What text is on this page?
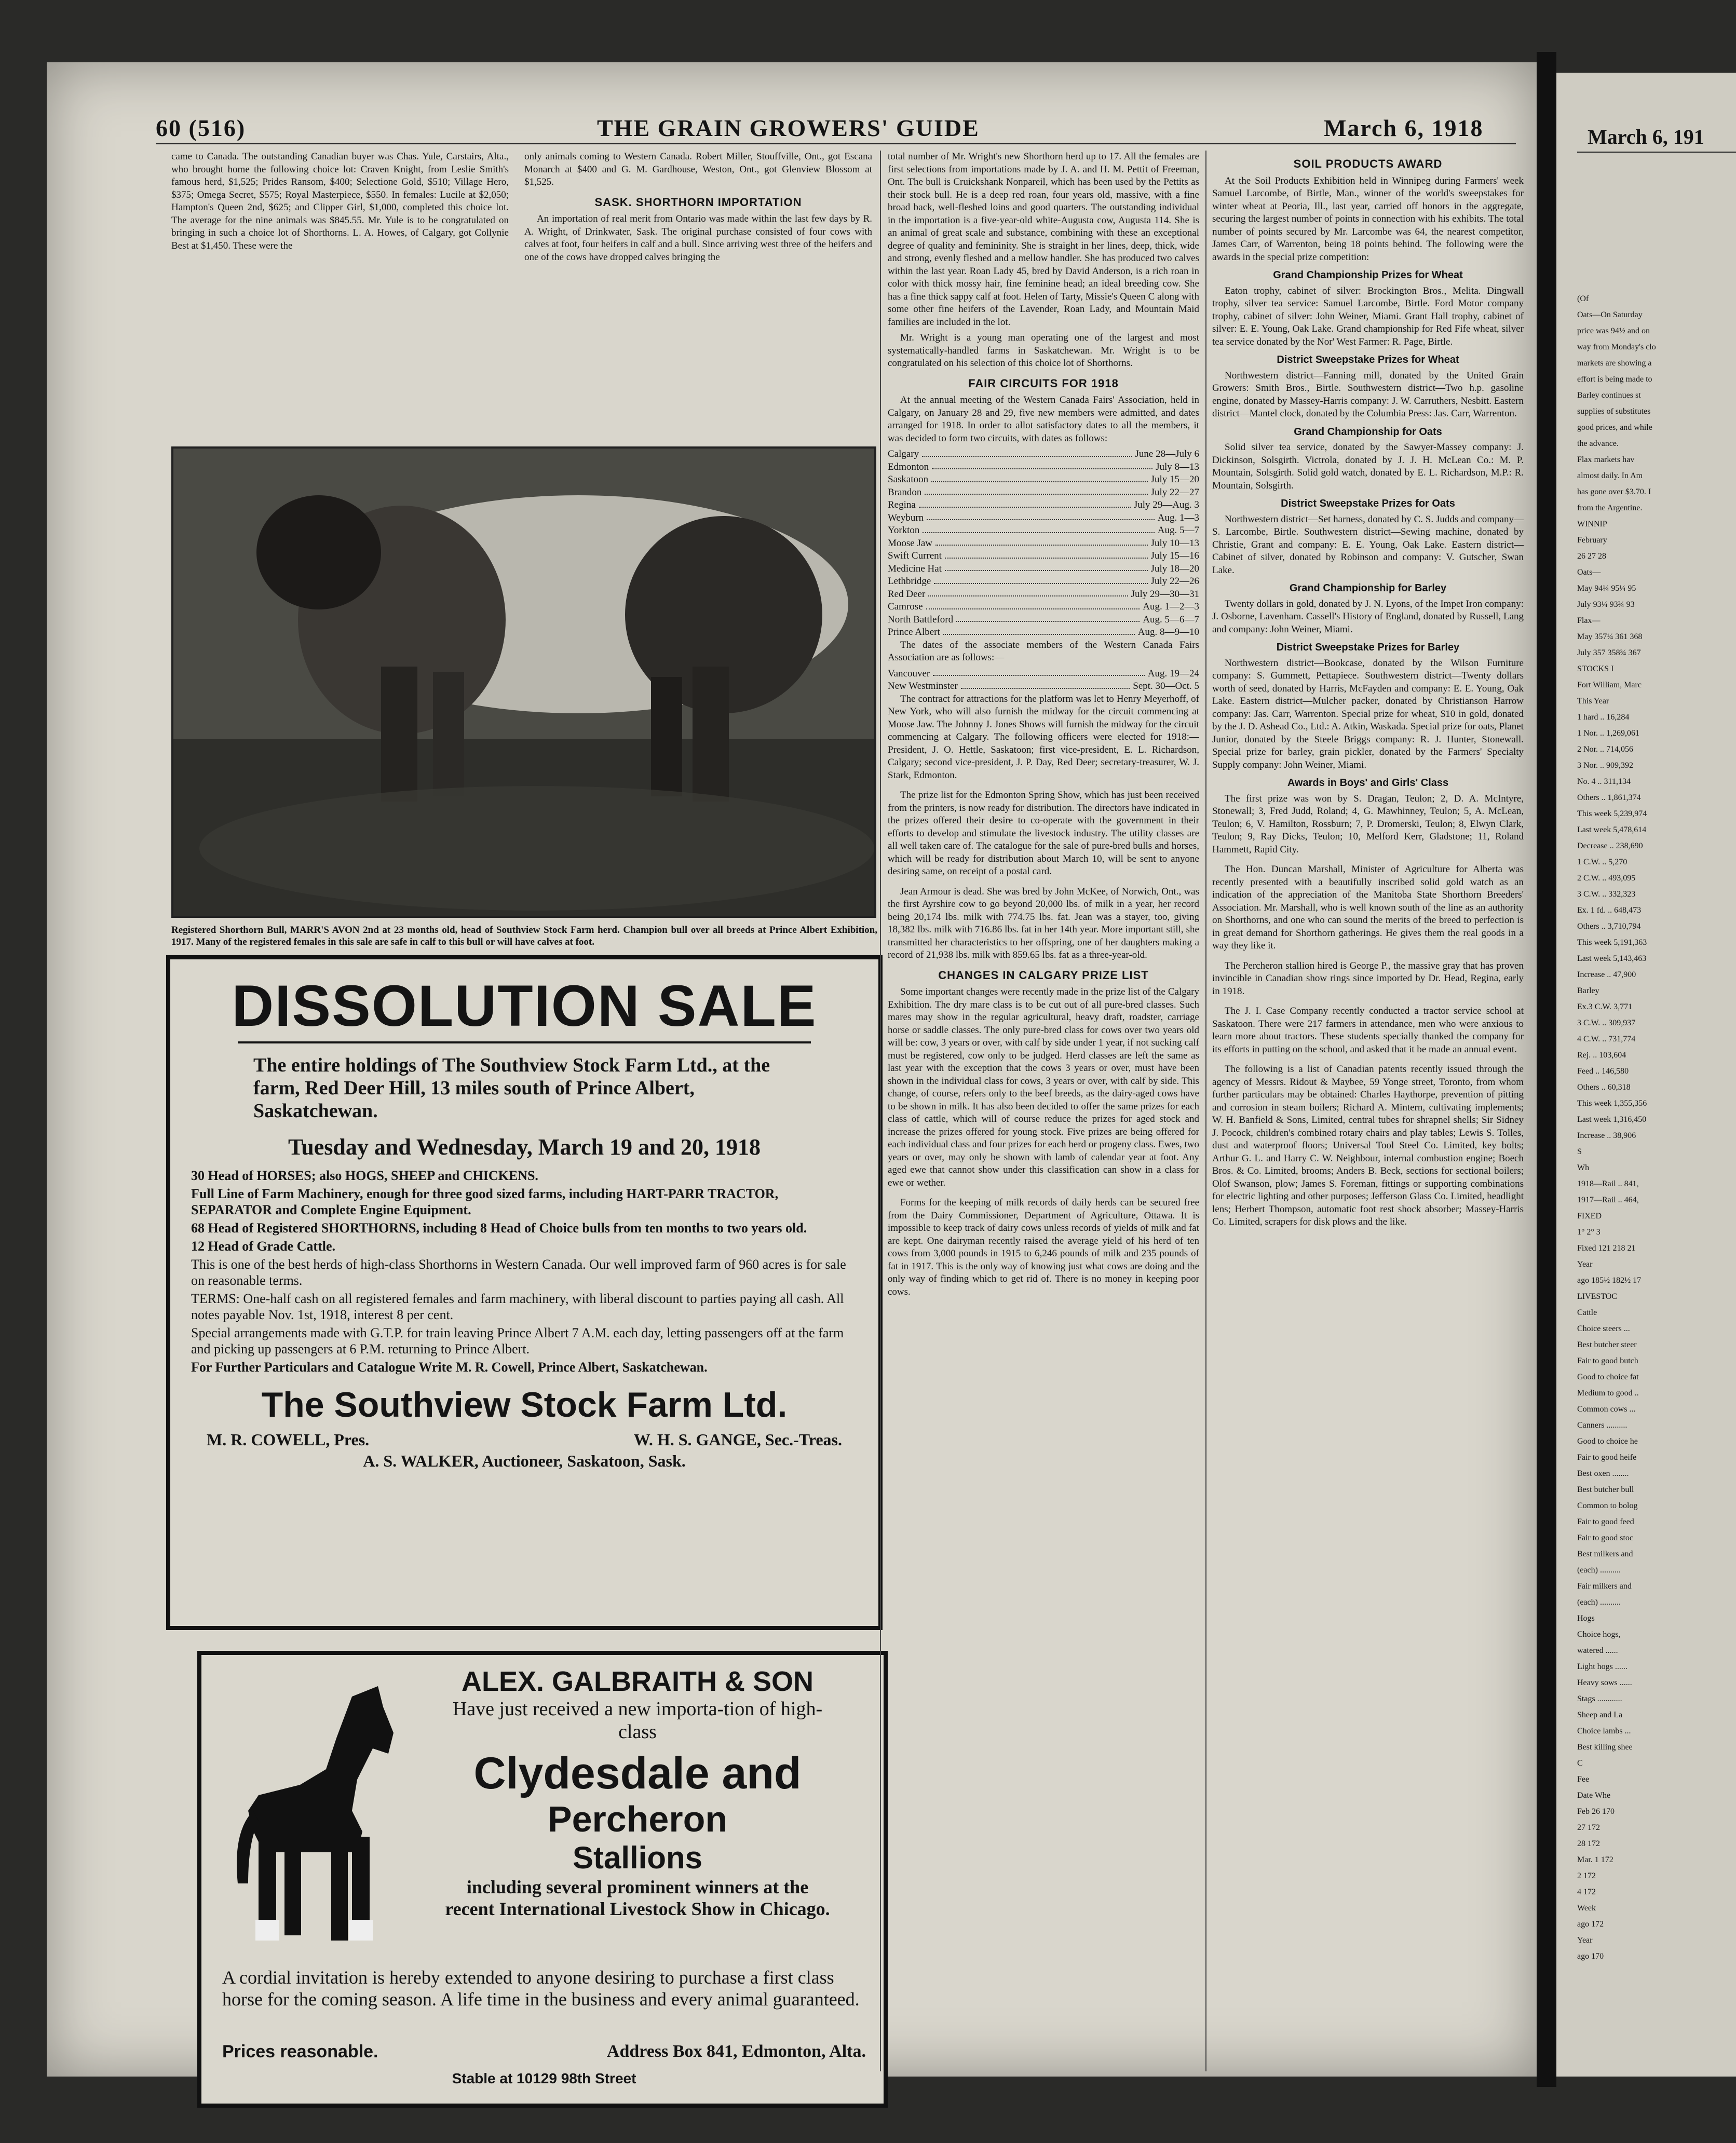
60 (516)	THE GRAIN GROWERS' GUIDE	March 6, 1918

came to Canada. The outstanding Canadian buyer was Chas. Yule, Carstairs, Alta., who brought home the following choice lot: Craven Knight, from Leslie Smith's famous herd, $1,525; Prides Ransom, $400; Selectione Gold, $510; Village Hero, $375; Omega Secret, $575; Royal Masterpiece, $550. In females: Lucile at $2,050; Hampton's Queen 2nd, $625; and Clipper Girl, $1,000, completed this choice lot. The average for the nine animals was $845.55. Mr. Yule is to be congratulated on bringing in such a choice lot of Shorthorns. L. A. Howes, of Calgary, got Collynie Best at $1,450. These were the

only animals coming to Western Canada. Robert Miller, Stouffville, Ont., got Escana Monarch at $400 and G. M. Gardhouse, Weston, Ont., got Glenview Blossom at $1,525.

SASK. SHORTHORN IMPORTATION

An importation of real merit from Ontario was made within the last few days by R. A. Wright, of Drinkwater, Sask. The original purchase consisted of four cows with calves at foot, four heifers in calf and a bull. Since arriving west three of the heifers and one of the cows have dropped calves bringing the

Registered Shorthorn Bull, MARR'S AVON 2nd at 23 months old, head of Southview Stock Farm herd. Champion bull over all breeds at Prince Albert Exhibition, 1917. Many of the registered females in this sale are safe in calf to this bull or will have calves at foot.
DISSOLUTION SALE
The entire holdings of The Southview Stock Farm Ltd., at the farm, Red Deer Hill, 13 miles south of Prince Albert, Saskatchewan.
Tuesday and Wednesday, March 19 and 20, 1918
30 Head of HORSES; also HOGS, SHEEP and CHICKENS.
Full Line of Farm Machinery, enough for three good sized farms, including HART-PARR TRACTOR, SEPARATOR and Complete Engine Equipment.
68 Head of Registered SHORTHORNS, including 8 Head of Choice bulls from ten months to two years old.
12 Head of Grade Cattle.
This is one of the best herds of high-class Shorthorns in Western Canada. Our well improved farm of 960 acres is for sale on reasonable terms.
TERMS: One-half cash on all registered females and farm machinery, with liberal discount to parties paying all cash. All notes payable Nov. 1st, 1918, interest 8 per cent.
Special arrangements made with G.T.P. for train leaving Prince Albert 7 A.M. each day, letting passengers off at the farm and picking up passengers at 6 P.M. returning to Prince Albert.
For Further Particulars and Catalogue Write M. R. Cowell, Prince Albert, Saskatchewan.
The Southview Stock Farm Ltd.
M. R. COWELL, Pres.	W. H. S. GANGE, Sec.-Treas.
A. S. WALKER, Auctioneer, Saskatoon, Sask.
ALEX. GALBRAITH & SON
Have just received a new importa-tion of high-class
Clydesdale and
Percheron
Stallions
including several prominent winners at the recent International Livestock Show in Chicago.
A cordial invitation is hereby extended to anyone desiring to purchase a first class horse for the coming season. A life time in the business and every animal guaranteed.
Prices reasonable.	Address Box 841, Edmonton, Alta.
Stable at 10129 98th Street

total number of Mr. Wright's new Shorthorn herd up to 17. All the females are first selections from importations made by J. A. and H. M. Pettit of Freeman, Ont. The bull is Cruickshank Nonpareil, which has been used by the Pettits as their stock bull. He is a deep red roan, four years old, massive, with a fine broad back, well-fleshed loins and good quarters. The outstanding individual in the importation is a five-year-old white-Augusta cow, Augusta 114. She is an animal of great scale and substance, combining with these an exceptional degree of quality and femininity. She is straight in her lines, deep, thick, wide and strong, evenly fleshed and a mellow handler. She has produced two calves within the last year. Roan Lady 45, bred by David Anderson, is a rich roan in color with thick mossy hair, fine feminine head; an ideal breeding cow. She has a fine thick sappy calf at foot. Helen of Tarty, Missie's Queen C along with some other fine heifers of the Lavender, Roan Lady, and Mountain Maid families are included in the lot.

Mr. Wright is a young man operating one of the largest and most systematically-handled farms in Saskatchewan. Mr. Wright is to be congratulated on his selection of this choice lot of Shorthorns.

FAIR CIRCUITS FOR 1918

At the annual meeting of the Western Canada Fairs' Association, held in Calgary, on January 28 and 29, five new members were admitted, and dates arranged for 1918. In order to allot satisfactory dates to all the members, it was decided to form two circuits, with dates as follows:

Calgary	June 28—July 6
Edmonton	July 8—13
Saskatoon	July 15—20
Brandon	July 22—27
Regina	July 29—Aug. 3
Weyburn	Aug. 1—3
Yorkton	Aug. 5—7
Moose Jaw	July 10—13
Swift Current	July 15—16
Medicine Hat	July 18—20
Lethbridge	July 22—26
Red Deer	July 29—30—31
Camrose	Aug. 1—2—3
North Battleford	Aug. 5—6—7
Prince Albert	Aug. 8—9—10

The dates of the associate members of the Western Canada Fairs Association are as follows:—

Vancouver	Aug. 19—24
New Westminster	Sept. 30—Oct. 5

The contract for attractions for the platform was let to Henry Meyerhoff, of New York, who will also furnish the midway for the circuit commencing at Moose Jaw. The Johnny J. Jones Shows will furnish the midway for the circuit commencing at Calgary. The following officers were elected for 1918:— President, J. O. Hettle, Saskatoon; first vice-president, E. L. Richardson, Calgary; second vice-president, J. P. Day, Red Deer; secretary-treasurer, W. J. Stark, Edmonton.

The prize list for the Edmonton Spring Show, which has just been received from the printers, is now ready for distribution. The directors have indicated in the prizes offered their desire to co-operate with the government in their efforts to develop and stimulate the livestock industry. The utility classes are all well taken care of. The catalogue for the sale of pure-bred bulls and horses, which will be ready for distribution about March 10, will be sent to anyone desiring same, on receipt of a postal card.

Jean Armour is dead. She was bred by John McKee, of Norwich, Ont., was the first Ayrshire cow to go beyond 20,000 lbs. of milk in a year, her record being 20,174 lbs. milk with 774.75 lbs. fat. Jean was a stayer, too, giving 18,382 lbs. milk with 716.86 lbs. fat in her 14th year. More important still, she transmitted her characteristics to her offspring, one of her daughters making a record of 21,938 lbs. milk with 859.65 lbs. fat as a three-year-old.

CHANGES IN CALGARY PRIZE LIST

Some important changes were recently made in the prize list of the Calgary Exhibition. The dry mare class is to be cut out of all pure-bred classes. Such mares may show in the regular agricultural, heavy draft, roadster, carriage horse or saddle classes. The only pure-bred class for cows over two years old will be: cow, 3 years or over, with calf by side under 1 year, if not sucking calf must be registered, cow only to be judged. Herd classes are left the same as last year with the exception that the cows 3 years or over, must have been shown in the individual class for cows, 3 years or over, with calf by side. This change, of course, refers only to the beef breeds, as the dairy-aged cows have to be shown in milk. It has also been decided to offer the same prizes for each class of cattle, which will of course reduce the prizes for aged stock and increase the prizes offered for young stock. Five prizes are being offered for each individual class and four prizes for each herd or progeny class. Ewes, two years or over, may only be shown with lamb of calendar year at foot. Any aged ewe that cannot show under this classification can show in a class for ewe or wether.

Forms for the keeping of milk records of daily herds can be secured free from the Dairy Commissioner, Department of Agriculture, Ottawa. It is impossible to keep track of dairy cows unless records of yields of milk and fat are kept. One dairyman recently raised the average yield of his herd of ten cows from 3,000 pounds in 1915 to 6,246 pounds of milk and 235 pounds of fat in 1917. This is the only way of knowing just what cows are doing and the only way of finding which to get rid of. There is no money in keeping poor cows.

SOIL PRODUCTS AWARD

At the Soil Products Exhibition held in Winnipeg during Farmers' week Samuel Larcombe, of Birtle, Man., winner of the world's sweepstakes for winter wheat at Peoria, Ill., last year, carried off honors in the aggregate, securing the largest number of points in connection with his exhibits. The total number of points secured by Mr. Larcombe was 64, the nearest competitor, James Carr, of Warrenton, being 18 points behind. The following were the awards in the special prize competition:

Grand Championship Prizes for Wheat

Eaton trophy, cabinet of silver: Brockington Bros., Melita. Dingwall trophy, silver tea service: Samuel Larcombe, Birtle. Ford Motor company trophy, cabinet of silver: John Weiner, Miami. Grant Hall trophy, cabinet of silver: E. E. Young, Oak Lake. Grand championship for Red Fife wheat, silver tea service donated by the Nor' West Farmer: R. Page, Birtle.

District Sweepstake Prizes for Wheat

Northwestern district—Fanning mill, donated by the United Grain Growers: Smith Bros., Birtle. Southwestern district—Two h.p. gasoline engine, donated by Massey-Harris company: J. W. Carruthers, Nesbitt. Eastern district—Mantel clock, donated by the Columbia Press: Jas. Carr, Warrenton.

Grand Championship for Oats

Solid silver tea service, donated by the Sawyer-Massey company: J. Dickinson, Solsgirth. Victrola, donated by J. J. H. McLean Co.: M. P. Mountain, Solsgirth. Solid gold watch, donated by E. L. Richardson, M.P.: R. Mountain, Solsgirth.

District Sweepstake Prizes for Oats

Northwestern district—Set harness, donated by C. S. Judds and company—S. Larcombe, Birtle. Southwestern district—Sewing machine, donated by Christie, Grant and company: E. E. Young, Oak Lake. Eastern district—Cabinet of silver, donated by Robinson and company: V. Gutscher, Swan Lake.

Grand Championship for Barley

Twenty dollars in gold, donated by J. N. Lyons, of the Impet Iron company: J. Osborne, Lavenham. Cassell's History of England, donated by Russell, Lang and company: John Weiner, Miami.

District Sweepstake Prizes for Barley

Northwestern district—Bookcase, donated by the Wilson Furniture company: S. Gummett, Pettapiece. Southwestern district—Twenty dollars worth of seed, donated by Harris, McFayden and company: E. E. Young, Oak Lake. Eastern district—Mulcher packer, donated by Christianson Harrow company: Jas. Carr, Warrenton. Special prize for wheat, $10 in gold, donated by the J. D. Ashead Co., Ltd.: A. Atkin, Waskada. Special prize for oats, Planet Junior, donated by the Steele Briggs company: R. J. Hunter, Stonewall. Special prize for barley, grain pickler, donated by the Farmers' Specialty Supply company: John Weiner, Miami.

Awards in Boys' and Girls' Class

The first prize was won by S. Dragan, Teulon; 2, D. A. McIntyre, Stonewall; 3, Fred Judd, Roland; 4, G. Mawhinney, Teulon; 5, A. McLean, Teulon; 6, V. Hamilton, Rossburn; 7, P. Dromerski, Teulon; 8, Elwyn Clark, Teulon; 9, Ray Dicks, Teulon; 10, Melford Kerr, Gladstone; 11, Roland Hammett, Rapid City.

The Hon. Duncan Marshall, Minister of Agriculture for Alberta was recently presented with a beautifully inscribed solid gold watch as an indication of the appreciation of the Manitoba State Shorthorn Breeders' Association. Mr. Marshall, who is well known south of the line as an authority on Shorthorns, and one who can sound the merits of the breed to perfection is in great demand for Shorthorn gatherings. He gives them the real goods in a way they like it.

The Percheron stallion hired is George P., the massive gray that has proven invincible in Canadian show rings since imported by Dr. Head, Regina, early in 1918.

The J. I. Case Company recently conducted a tractor service school at Saskatoon. There were 217 farmers in attendance, men who were anxious to learn more about tractors. These students specially thanked the company for its efforts in putting on the school, and asked that it be made an annual event.

The following is a list of Canadian patents recently issued through the agency of Messrs. Ridout & Maybee, 59 Yonge street, Toronto, from whom further particulars may be obtained: Charles Haythorpe, prevention of pitting and corrosion in steam boilers; Richard A. Mintern, cultivating implements; W. H. Banfield & Sons, Limited, central tubes for shrapnel shells; Sir Sidney J. Pocock, children's combined rotary chairs and play tables; Lewis S. Tolles, dust and waterproof floors; Universal Tool Steel Co. Limited, key bolts; Arthur G. L. and Harry C. W. Neighbour, internal combustion engine; Boech Bros. & Co. Limited, brooms; Anders B. Beck, sections for sectional boilers; Olof Swanson, plow; James S. Foreman, fittings or supporting combinations for electric lighting and other purposes; Jefferson Glass Co. Limited, headlight lens; Herbert Thompson, automatic foot rest shock absorber; Massey-Harris Co. Limited, scrapers for disk plows and the like.

March 6, 191
(Of
Oats—On Saturday
price was 94½ and on
way from Monday's clo
markets are showing a
effort is being made to
Barley continues st
supplies of substitutes
good prices, and while
the advance.
Flax markets hav
almost daily. In Am
has gone over $3.70. I
from the Argentine.
WINNIP
February
26 27 28
Oats—
May 94¼ 95¼ 95
July 93¼ 93¾ 93
Flax—
May 357¼ 361 368
July 357 358¾ 367
STOCKS I
Fort William, Marc
This Year
1 hard .. 16,284
1 Nor. .. 1,269,061
2 Nor. .. 714,056
3 Nor. .. 909,392
No. 4 .. 311,134
Others .. 1,861,374
This week 5,239,974
Last week 5,478,614
Decrease .. 238,690
1 C.W. .. 5,270
2 C.W. .. 493,095
3 C.W. .. 332,323
Ex. 1 fd. .. 648,473
Others .. 3,710,794
This week 5,191,363
Last week 5,143,463
Increase .. 47,900
Barley
Ex.3 C.W. 3,771
3 C.W. .. 309,937
4 C.W. .. 731,774
Rej. .. 103,604
Feed .. 146,580
Others .. 60,318
This week 1,355,356
Last week 1,316,450
Increase .. 38,906
S
Wh
1918—Rail .. 841,
1917—Rail .. 464,
FIXED
1° 2° 3
Fixed 121 218 21
Year
ago 185½ 182½ 17
LIVESTOC
Cattle
Choice steers ...
Best butcher steer
Fair to good butch
Good to choice fat
Medium to good ..
Common cows ...
Canners ..........
Good to choice he
Fair to good heife
Best oxen ........
Best butcher bull
Common to bolog
Fair to good feed
Fair to good stoc
Best milkers and
(each) ..........
Fair milkers and
(each) ..........
Hogs
Choice hogs,
watered ......
Light hogs ......
Heavy sows ......
Stags ............
Sheep and La
Choice lambs ...
Best killing shee
C
Fee
Date Whe
Feb 26 170
27 172
28 172
Mar. 1 172
2 172
4 172
Week
ago 172
Year
ago 170
